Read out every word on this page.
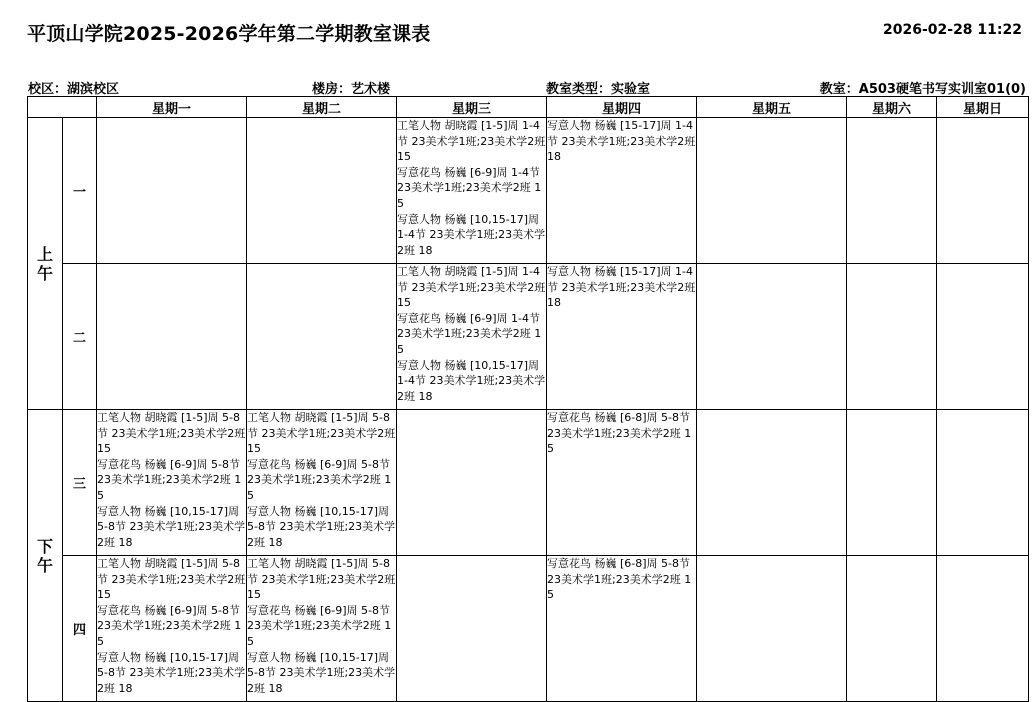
平顶山学院2025-2026学年第二学期教室课表	2026-02-28 11:22
校区：湖滨校区	楼房：艺术楼	教室类型：实验室	教室：A503硬笔书写实训室01(0)
		星期一	星期二	星期三	星期四	星期五	星期六	星期日
上
午	一			工笔人物 胡晓霞 [1-5]周 1-4节 23美术学1班;23美术学2班 15
写意花鸟 杨巍 [6-9]周 1-4节 23美术学1班;23美术学2班 15
写意人物 杨巍 [10,15-17]周 1-4节 23美术学1班;23美术学2班 18	写意人物 杨巍 [15-17]周 1-4节 23美术学1班;23美术学2班 18			

	二			工笔人物 胡晓霞 [1-5]周 1-4节 23美术学1班;23美术学2班 15
写意花鸟 杨巍 [6-9]周 1-4节 23美术学1班;23美术学2班 15
写意人物 杨巍 [10,15-17]周 1-4节 23美术学1班;23美术学2班 18	写意人物 杨巍 [15-17]周 1-4节 23美术学1班;23美术学2班 18			

下
午	三	工笔人物 胡晓霞 [1-5]周 5-8节 23美术学1班;23美术学2班 15
写意花鸟 杨巍 [6-9]周 5-8节 23美术学1班;23美术学2班 15
写意人物 杨巍 [10,15-17]周 5-8节 23美术学1班;23美术学2班 18	工笔人物 胡晓霞 [1-5]周 5-8节 23美术学1班;23美术学2班 15
写意花鸟 杨巍 [6-9]周 5-8节 23美术学1班;23美术学2班 15
写意人物 杨巍 [10,15-17]周 5-8节 23美术学1班;23美术学2班 18		写意花鸟 杨巍 [6-8]周 5-8节 23美术学1班;23美术学2班 15			

	四	工笔人物 胡晓霞 [1-5]周 5-8节 23美术学1班;23美术学2班 15
写意花鸟 杨巍 [6-9]周 5-8节 23美术学1班;23美术学2班 15
写意人物 杨巍 [10,15-17]周 5-8节 23美术学1班;23美术学2班 18	工笔人物 胡晓霞 [1-5]周 5-8节 23美术学1班;23美术学2班 15
写意花鸟 杨巍 [6-9]周 5-8节 23美术学1班;23美术学2班 15
写意人物 杨巍 [10,15-17]周 5-8节 23美术学1班;23美术学2班 18		写意花鸟 杨巍 [6-8]周 5-8节 23美术学1班;23美术学2班 15			
